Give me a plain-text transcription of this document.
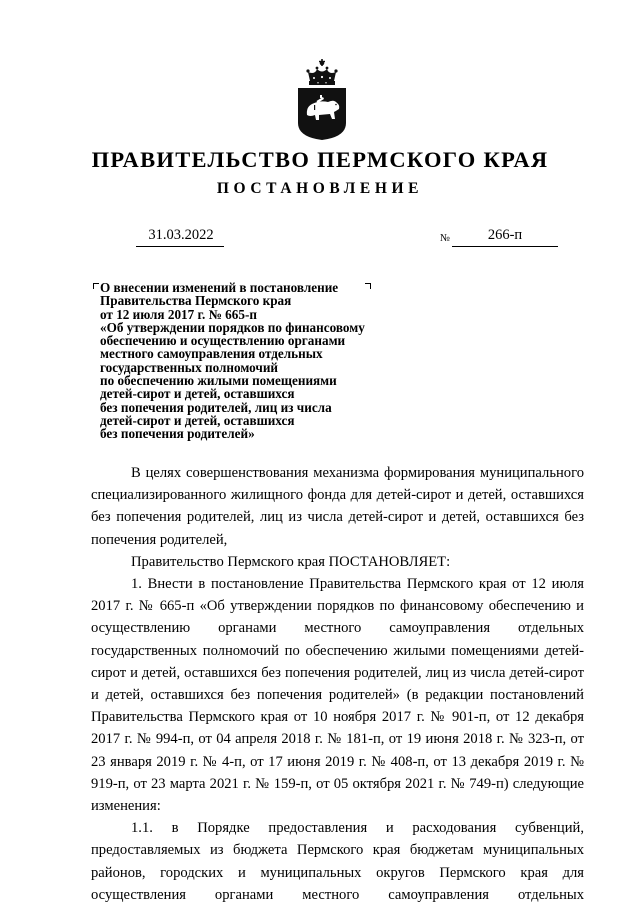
ПРАВИТЕЛЬСТВО ПЕРМСКОГО КРАЯ
ПОСТАНОВЛЕНИЕ
31.03.2022	№	266-п
О внесении изменений в постановление
Правительства Пермского края
от 12 июля 2017 г. № 665-п
«Об утверждении порядков по финансовому
обеспечению и осуществлению органами
местного самоуправления отдельных
государственных полномочий
по обеспечению жилыми помещениями
детей-сирот и детей, оставшихся
без попечения родителей, лиц из числа
детей-сирот и детей, оставшихся
без попечения родителей»

В целях совершенствования механизма формирования муниципального специализированного жилищного фонда для детей-сирот и детей, оставшихся без попечения родителей, лиц из числа детей-сирот и детей, оставшихся без попечения родителей,

Правительство Пермского края ПОСТАНОВЛЯЕТ:

1. Внести в постановление Правительства Пермского края от 12 июля 2017 г. № 665-п «Об утверждении порядков по финансовому обеспечению и осуществлению органами местного самоуправления отдельных государственных полномочий по обеспечению жилыми помещениями детей-сирот и детей, оставшихся без попечения родителей, лиц из числа детей-сирот и детей, оставшихся без попечения родителей» (в редакции постановлений Правительства Пермского края от 10 ноября 2017 г. № 901-п, от 12 декабря 2017 г. № 994-п, от 04 апреля 2018 г. № 181-п, от 19 июня 2018 г. № 323-п, от 23 января 2019 г. № 4-п, от 17 июня 2019 г. № 408-п, от 13 декабря 2019 г. № 919-п, от 23 марта 2021 г. № 159-п, от 05 октября 2021 г. № 749-п) следующие изменения:

1.1. в Порядке предоставления и расходования субвенций, предоставляемых из бюджета Пермского края бюджетам муниципальных районов, городских и муниципальных округов Пермского края для осуществления органами местного самоуправления отдельных
